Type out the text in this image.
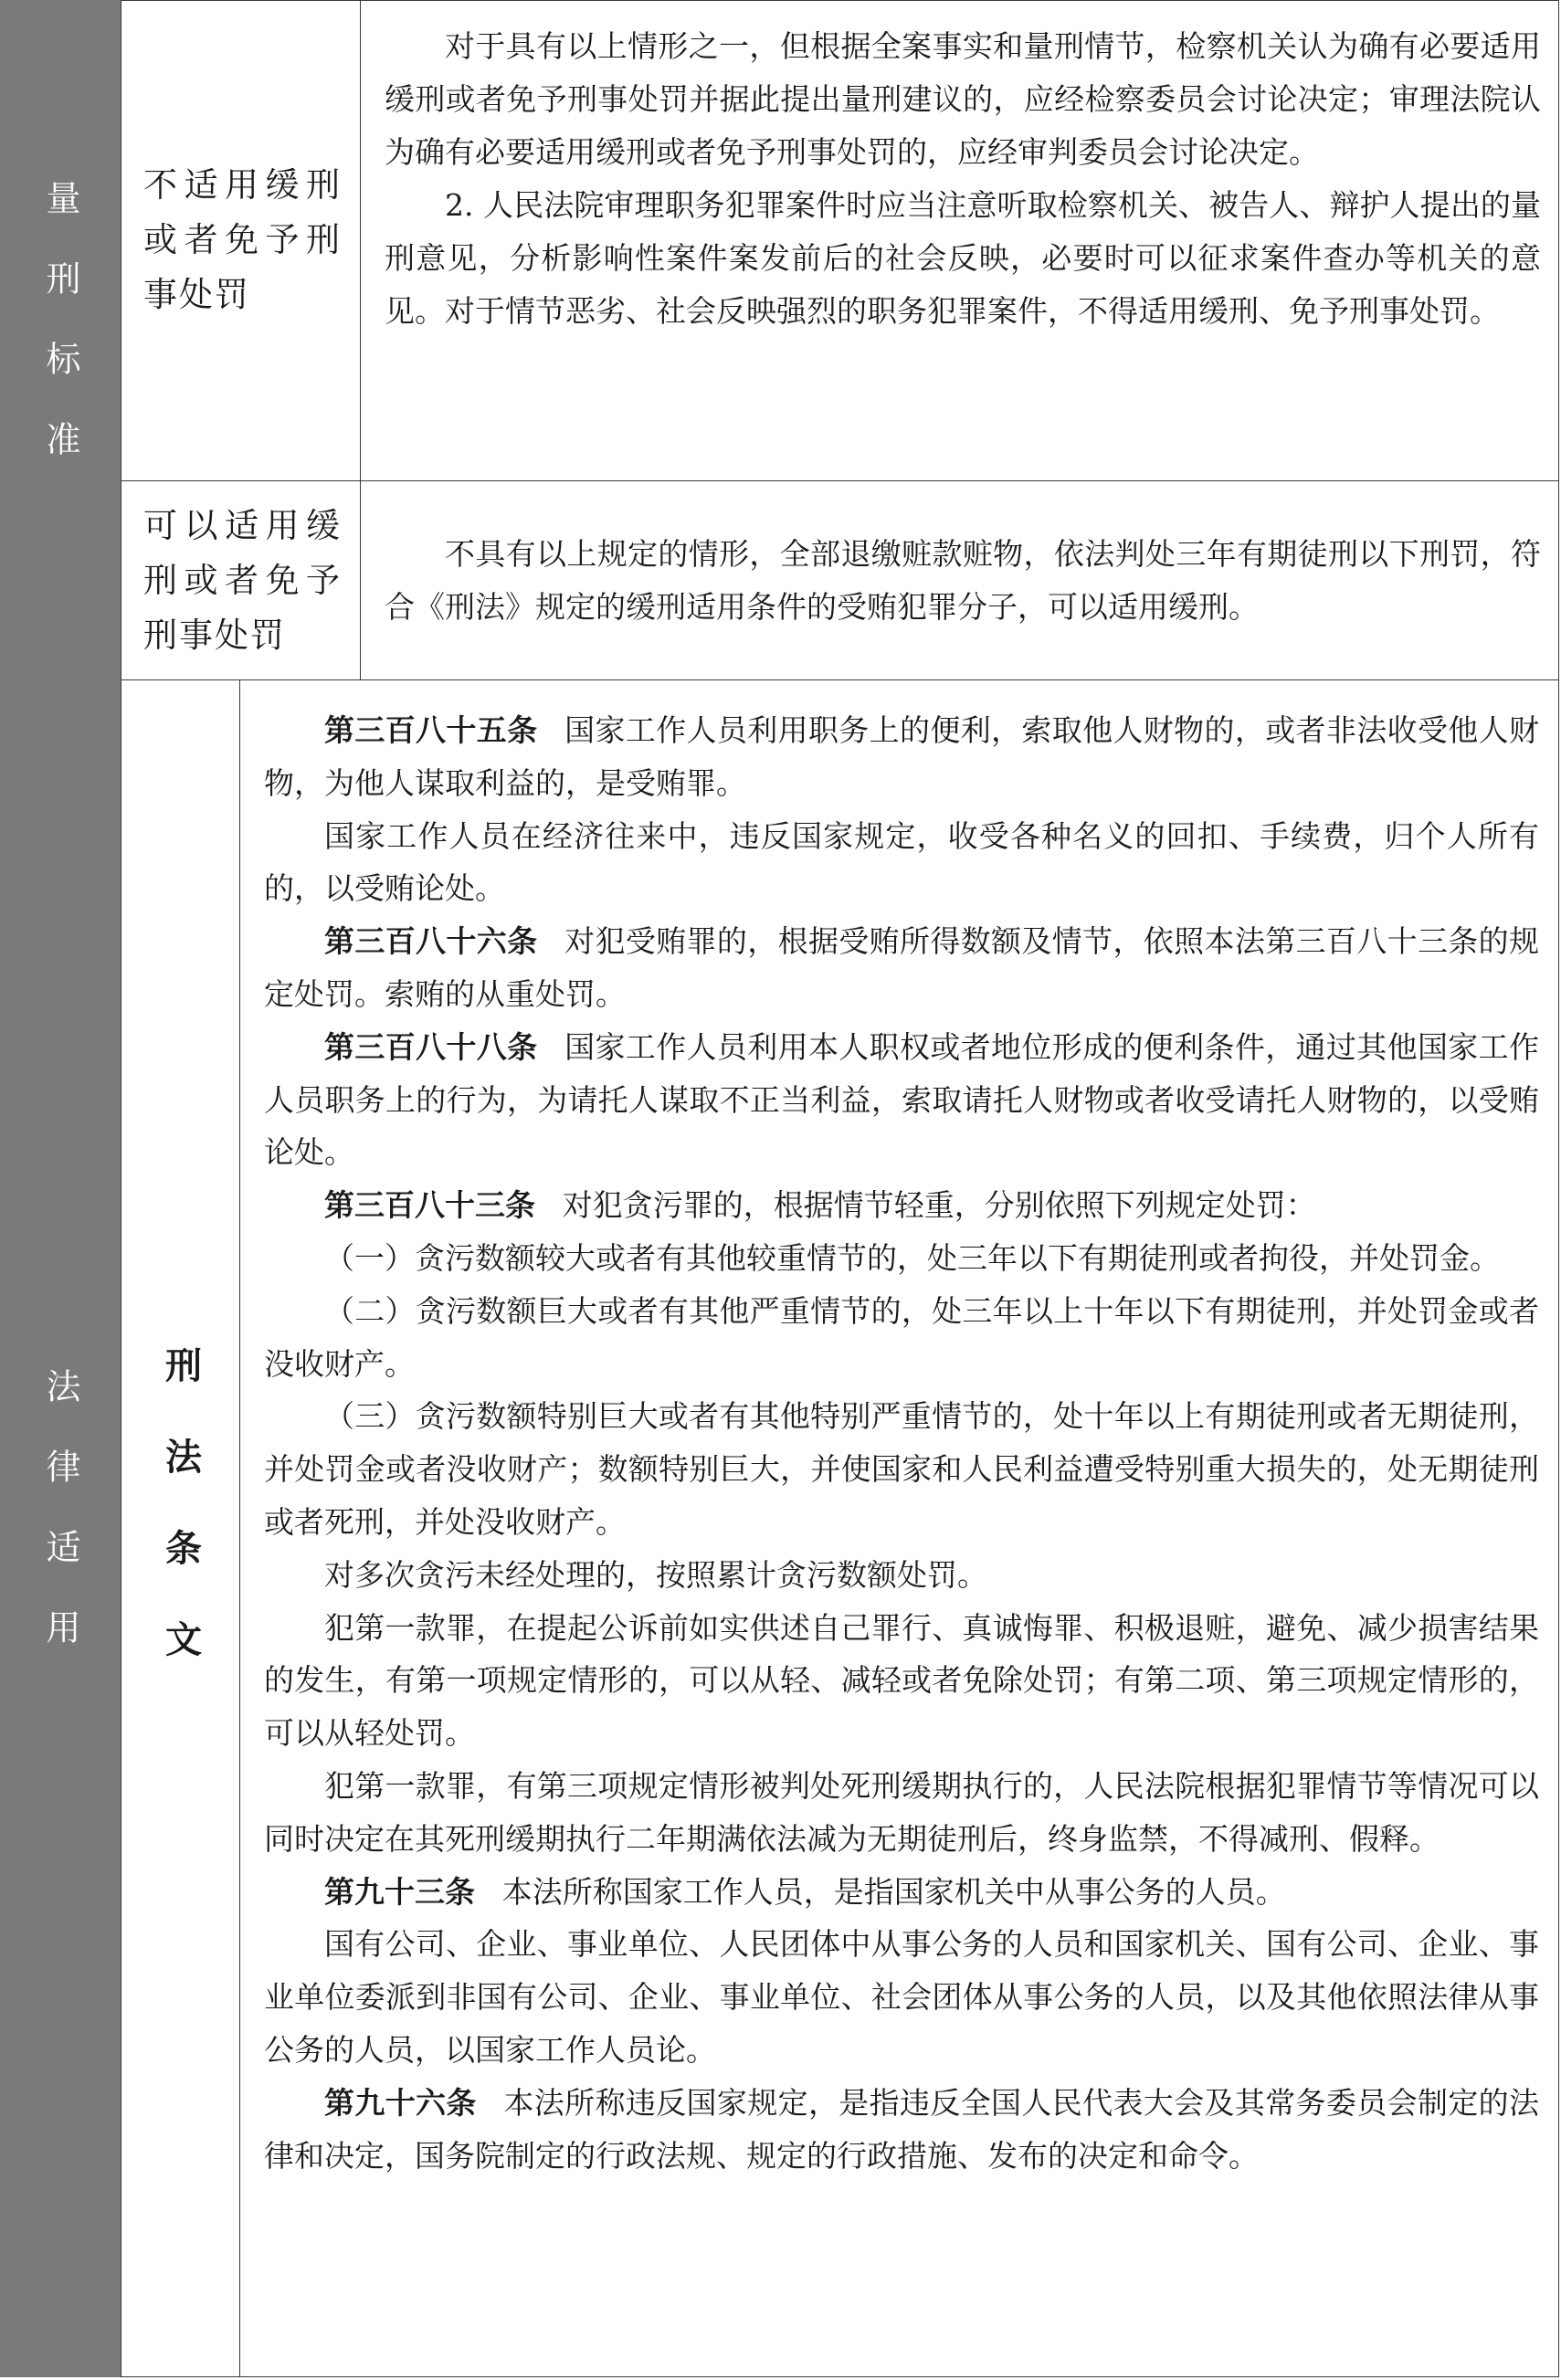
量刑标准	不适用缓刑或者免予刑事处罚

对于具有以上情形之一，但根据全案事实和量刑情节，检察机关认为确有必要适用缓刑或者免予刑事处罚并据此提出量刑建议的，应经检察委员会讨论决定；审理法院认为确有必要适用缓刑或者免予刑事处罚的，应经审判委员会讨论决定。

2. 人民法院审理职务犯罪案件时应当注意听取检察机关、被告人、辩护人提出的量刑意见，分析影响性案件案发前后的社会反映，必要时可以征求案件查办等机关的意见。对于情节恶劣、社会反映强烈的职务犯罪案件，不得适用缓刑、免予刑事处罚。

可以适用缓刑或者免予刑事处罚

不具有以上规定的情形，全部退缴赃款赃物，依法判处三年有期徒刑以下刑罚，符合《刑法》规定的缓刑适用条件的受贿犯罪分子，可以适用缓刑。

法律适用 刑法条文

第三百八十五条 国家工作人员利用职务上的便利，索取他人财物的，或者非法收受他人财物，为他人谋取利益的，是受贿罪。

国家工作人员在经济往来中，违反国家规定，收受各种名义的回扣、手续费，归个人所有的，以受贿论处。

第三百八十六条 对犯受贿罪的，根据受贿所得数额及情节，依照本法第三百八十三条的规定处罚。索贿的从重处罚。

第三百八十八条 国家工作人员利用本人职权或者地位形成的便利条件，通过其他国家工作人员职务上的行为，为请托人谋取不正当利益，索取请托人财物或者收受请托人财物的，以受贿论处。

第三百八十三条 对犯贪污罪的，根据情节轻重，分别依照下列规定处罚：

（一）贪污数额较大或者有其他较重情节的，处三年以下有期徒刑或者拘役，并处罚金。

（二）贪污数额巨大或者有其他严重情节的，处三年以上十年以下有期徒刑，并处罚金或者没收财产。

（三）贪污数额特别巨大或者有其他特别严重情节的，处十年以上有期徒刑或者无期徒刑，并处罚金或者没收财产；数额特别巨大，并使国家和人民利益遭受特别重大损失的，处无期徒刑或者死刑，并处没收财产。

对多次贪污未经处理的，按照累计贪污数额处罚。

犯第一款罪，在提起公诉前如实供述自己罪行、真诚悔罪、积极退赃，避免、减少损害结果的发生，有第一项规定情形的，可以从轻、减轻或者免除处罚；有第二项、第三项规定情形的，可以从轻处罚。

犯第一款罪，有第三项规定情形被判处死刑缓期执行的，人民法院根据犯罪情节等情况可以同时决定在其死刑缓期执行二年期满依法减为无期徒刑后，终身监禁，不得减刑、假释。

第九十三条 本法所称国家工作人员，是指国家机关中从事公务的人员。

国有公司、企业、事业单位、人民团体中从事公务的人员和国家机关、国有公司、企业、事业单位委派到非国有公司、企业、事业单位、社会团体从事公务的人员，以及其他依照法律从事公务的人员，以国家工作人员论。

第九十六条 本法所称违反国家规定，是指违反全国人民代表大会及其常务委员会制定的法律和决定，国务院制定的行政法规、规定的行政措施、发布的决定和命令。
